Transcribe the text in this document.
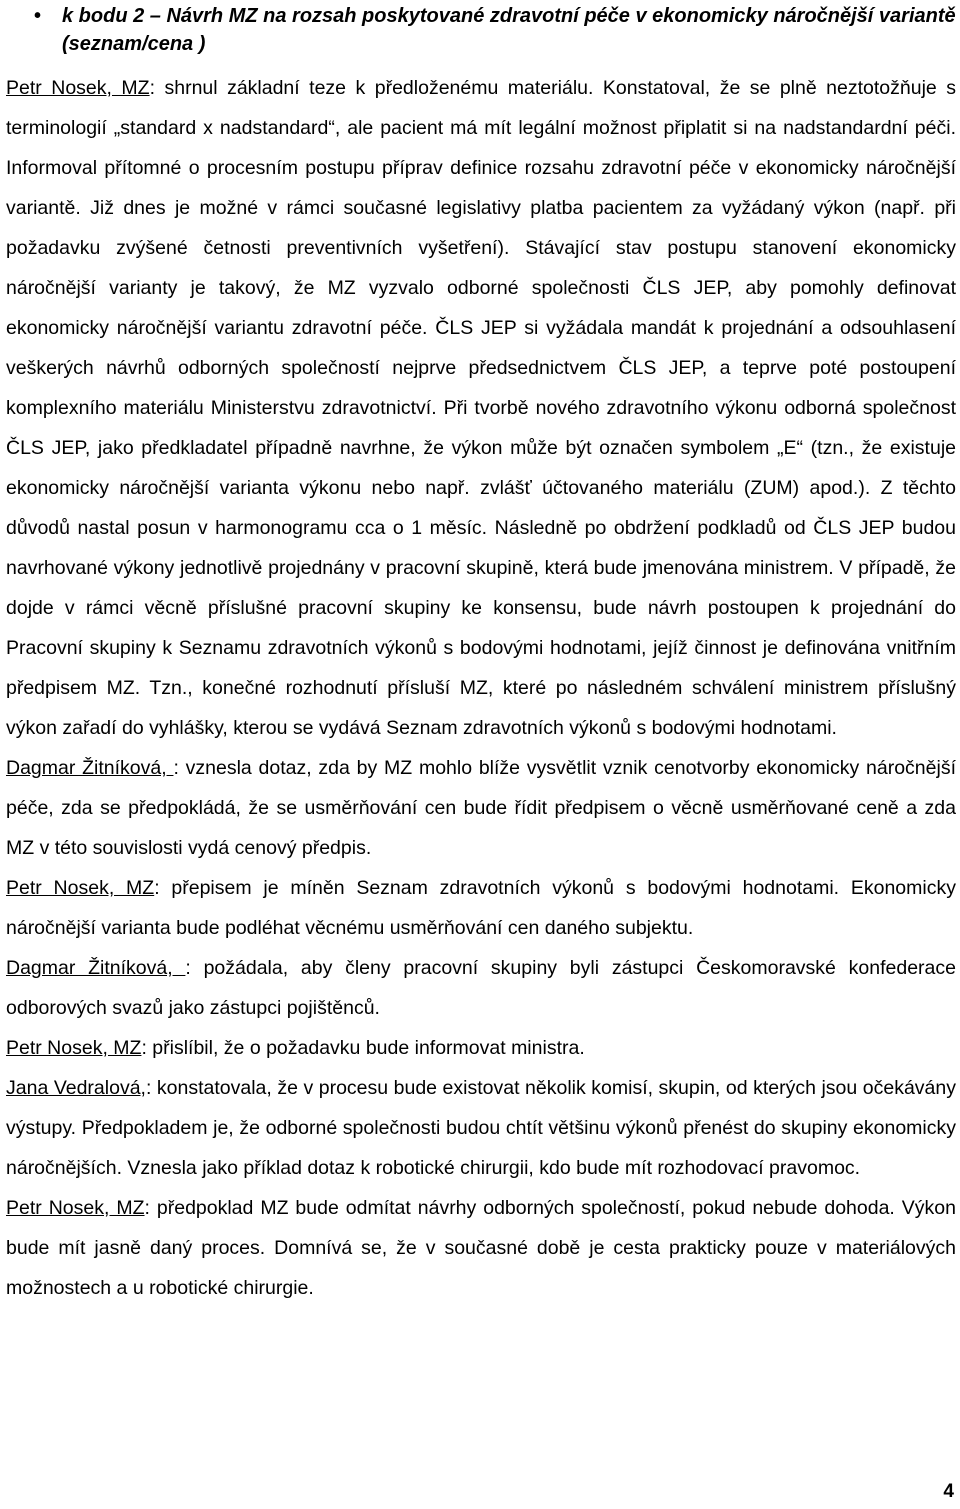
• k bodu 2 – Návrh MZ na rozsah poskytované zdravotní péče v ekonomicky náročnější variantě (seznam/cena )

Petr Nosek, MZ: shrnul základní teze k předloženému materiálu. Konstatoval, že se plně neztotožňuje s terminologií „standard x nadstandard“, ale pacient má mít legální možnost připlatit si na nadstandardní péči. Informoval přítomné o procesním postupu příprav definice rozsahu zdravotní péče v ekonomicky náročnější variantě. Již dnes je možné v rámci současné legislativy platba pacientem za vyžádaný výkon (např. při požadavku zvýšené četnosti preventivních vyšetření). Stávající stav postupu stanovení ekonomicky náročnější varianty je takový, že MZ vyzvalo odborné společnosti ČLS JEP, aby pomohly definovat ekonomicky náročnější variantu zdravotní péče. ČLS JEP si vyžádala mandát k projednání a odsouhlasení veškerých návrhů odborných společností nejprve předsednictvem ČLS JEP, a teprve poté postoupení komplexního materiálu Ministerstvu zdravotnictví. Při tvorbě nového zdravotního výkonu odborná společnost ČLS JEP, jako předkladatel případně navrhne, že výkon může být označen symbolem „E“ (tzn., že existuje ekonomicky náročnější varianta výkonu nebo např. zvlášť účtovaného materiálu (ZUM) apod.). Z těchto důvodů nastal posun v harmonogramu cca o 1 měsíc. Následně po obdržení podkladů od ČLS JEP budou navrhované výkony jednotlivě projednány v pracovní skupině, která bude jmenována ministrem. V případě, že dojde v rámci věcně příslušné pracovní skupiny ke konsensu, bude návrh postoupen k projednání do Pracovní skupiny k Seznamu zdravotních výkonů s bodovými hodnotami, jejíž činnost je definována vnitřním předpisem MZ. Tzn., konečné rozhodnutí přísluší MZ, které po následném schválení ministrem příslušný výkon zařadí do vyhlášky, kterou se vydává Seznam zdravotních výkonů s bodovými hodnotami.

Dagmar Žitníková, : vznesla dotaz, zda by MZ mohlo blíže vysvětlit vznik cenotvorby ekonomicky náročnější péče, zda se předpokládá, že se usměrňování cen bude řídit předpisem o věcně usměrňované ceně a zda MZ v této souvislosti vydá cenový předpis.

Petr Nosek, MZ: přepisem je míněn Seznam zdravotních výkonů s bodovými hodnotami. Ekonomicky náročnější varianta bude podléhat věcnému usměrňování cen daného subjektu.

Dagmar Žitníková, : požádala, aby členy pracovní skupiny byli zástupci Českomoravské konfederace odborových svazů jako zástupci pojištěnců.

Petr Nosek, MZ: přislíbil, že o požadavku bude informovat ministra.

Jana Vedralová,: konstatovala, že v procesu bude existovat několik komisí, skupin, od kterých jsou očekávány výstupy. Předpokladem je, že odborné společnosti budou chtít většinu výkonů přenést do skupiny ekonomicky náročnějších. Vznesla jako příklad dotaz k robotické chirurgii, kdo bude mít rozhodovací pravomoc.

Petr Nosek, MZ: předpoklad MZ bude odmítat návrhy odborných společností, pokud nebude dohoda. Výkon bude mít jasně daný proces. Domnívá se, že v současné době je cesta prakticky pouze v materiálových možnostech a u robotické chirurgie.

4
